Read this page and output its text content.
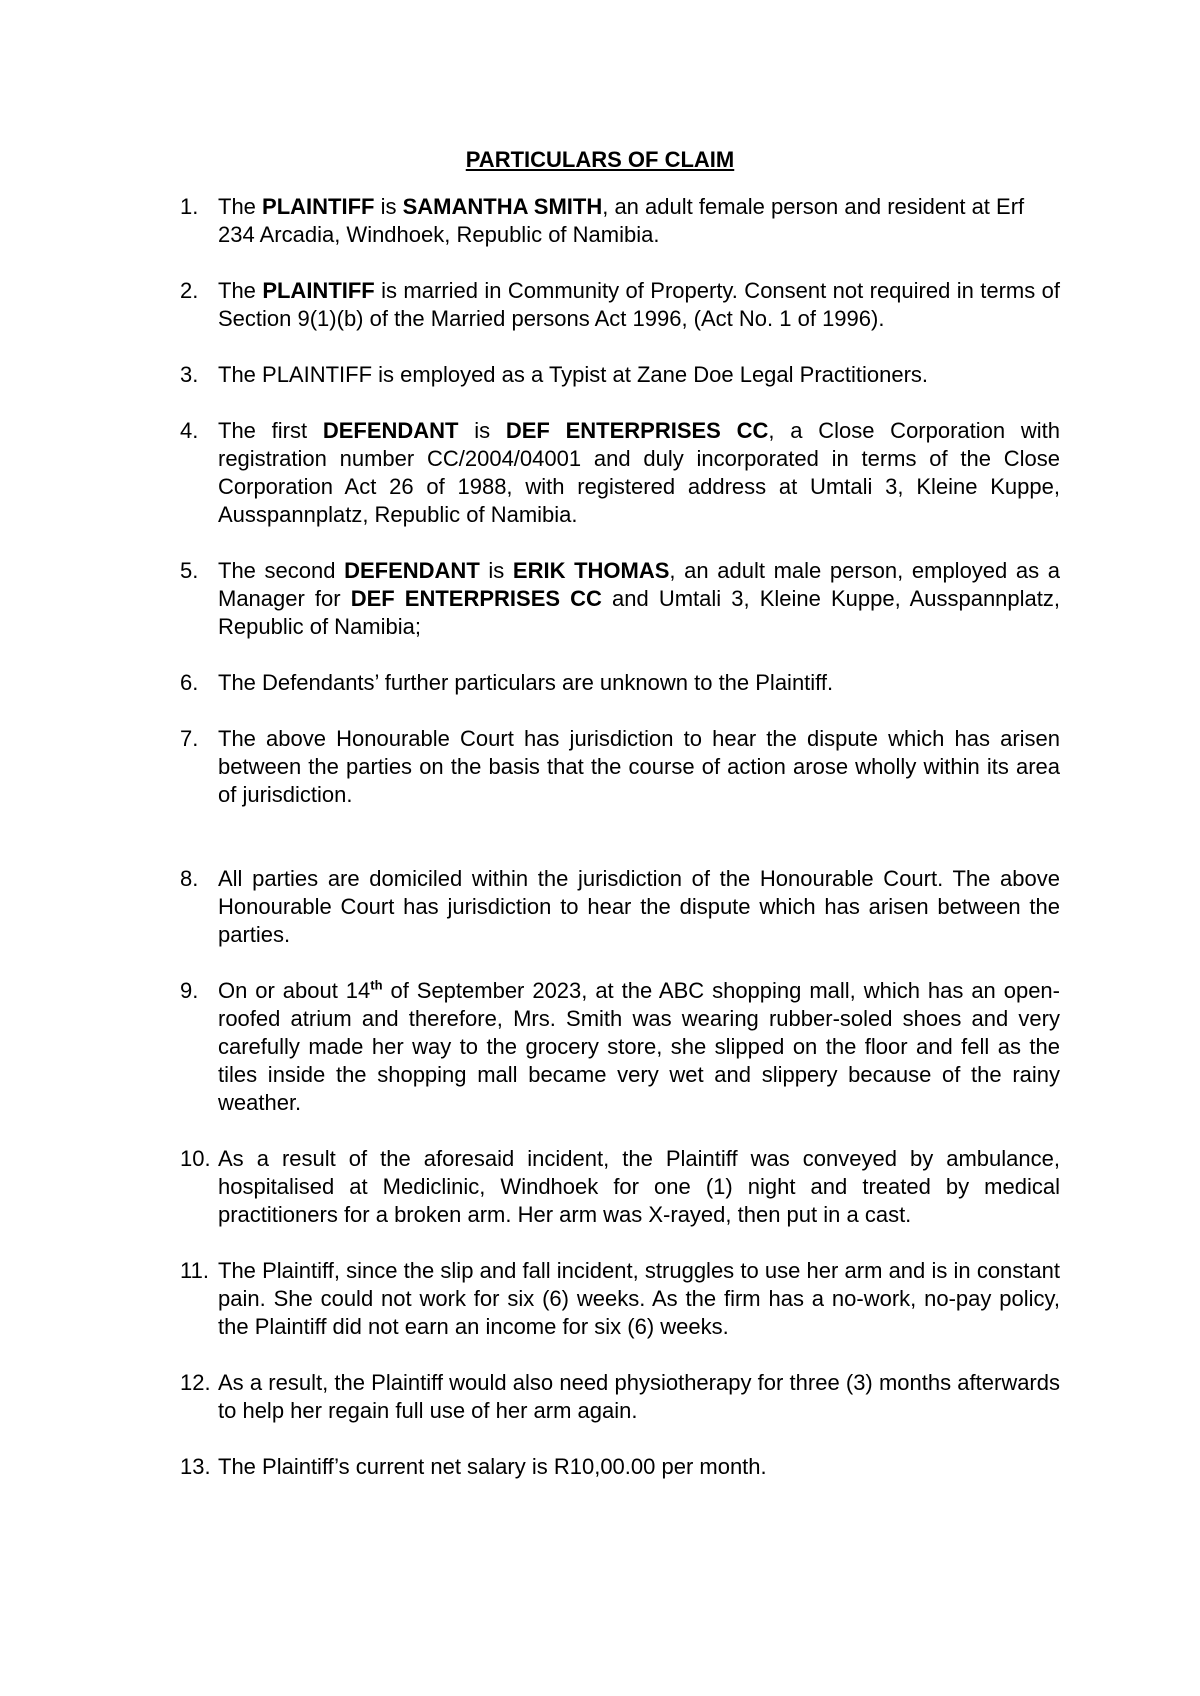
PARTICULARS OF CLAIM
1. The PLAINTIFF is SAMANTHA SMITH, an adult female person and resident at Erf 234 Arcadia, Windhoek, Republic of Namibia.
2. The PLAINTIFF is married in Community of Property. Consent not required in terms of Section 9(1)(b) of the Married persons Act 1996, (Act No. 1 of 1996).
3. The PLAINTIFF is employed as a Typist at Zane Doe Legal Practitioners.
4. The first DEFENDANT is DEF ENTERPRISES CC, a Close Corporation with registration number CC/2004/04001 and duly incorporated in terms of the Close Corporation Act 26 of 1988, with registered address at Umtali 3, Kleine Kuppe, Ausspannplatz, Republic of Namibia.
5. The second DEFENDANT is ERIK THOMAS, an adult male person, employed as a Manager for DEF ENTERPRISES CC and Umtali 3, Kleine Kuppe, Ausspannplatz, Republic of Namibia;
6. The Defendants’ further particulars are unknown to the Plaintiff.
7. The above Honourable Court has jurisdiction to hear the dispute which has arisen between the parties on the basis that the course of action arose wholly within its area of jurisdiction.
8. All parties are domiciled within the jurisdiction of the Honourable Court. The above Honourable Court has jurisdiction to hear the dispute which has arisen between the parties.
9. On or about 14th of September 2023, at the ABC shopping mall, which has an open-roofed atrium and therefore, Mrs. Smith was wearing rubber-soled shoes and very carefully made her way to the grocery store, she slipped on the floor and fell as the tiles inside the shopping mall became very wet and slippery because of the rainy weather.
10. As a result of the aforesaid incident, the Plaintiff was conveyed by ambulance, hospitalised at Mediclinic, Windhoek for one (1) night and treated by medical practitioners for a broken arm. Her arm was X-rayed, then put in a cast.
11. The Plaintiff, since the slip and fall incident, struggles to use her arm and is in constant pain. She could not work for six (6) weeks. As the firm has a no-work, no-pay policy, the Plaintiff did not earn an income for six (6) weeks.
12. As a result, the Plaintiff would also need physiotherapy for three (3) months afterwards to help her regain full use of her arm again.
13. The Plaintiff’s current net salary is R10,00.00 per month.
